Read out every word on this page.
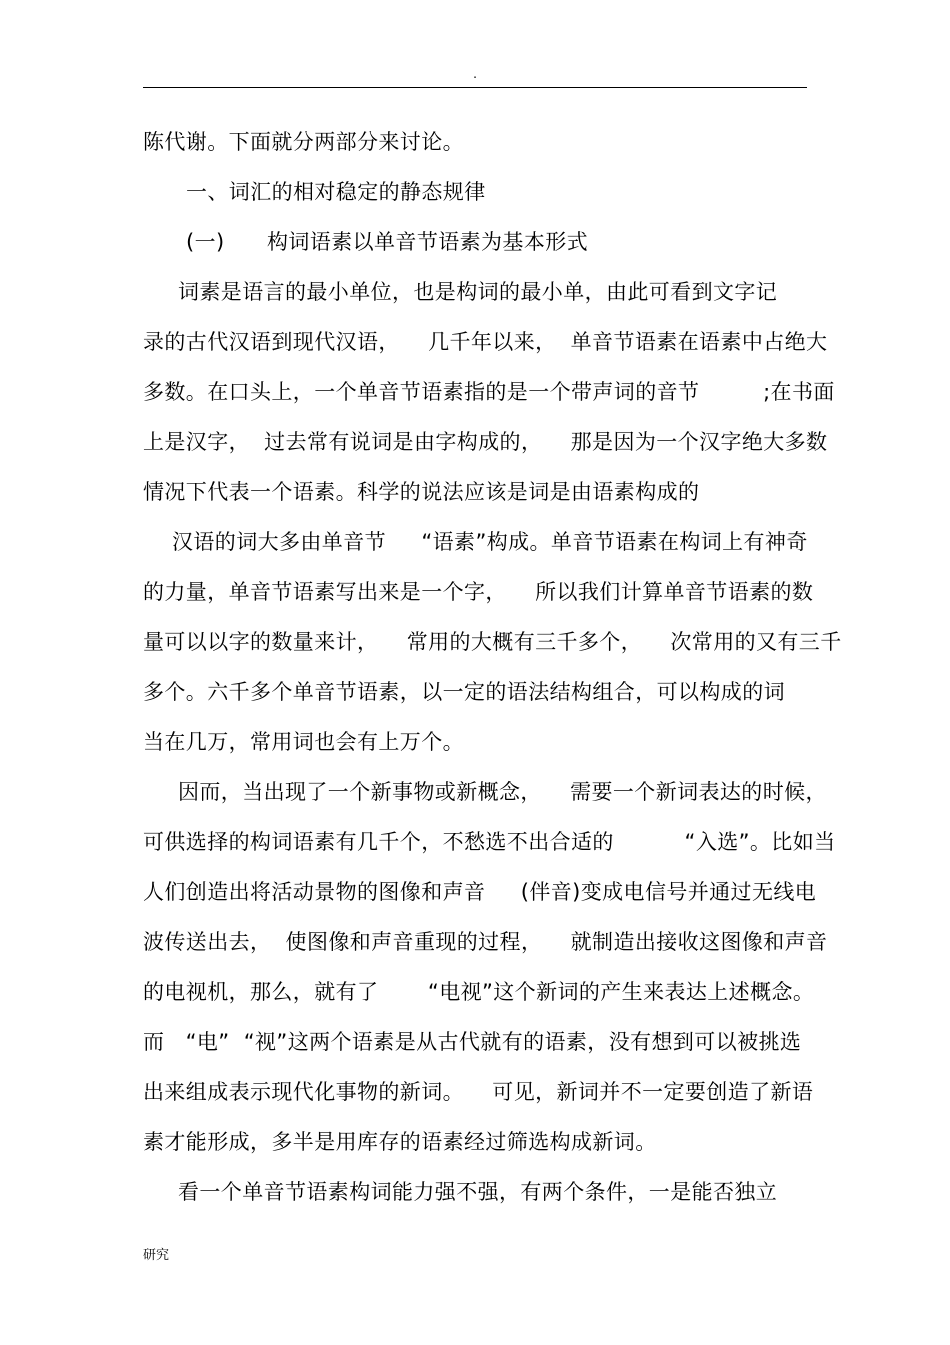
.
陈代谢。下面就分两部分来讨论。
一、词汇的相对稳定的静态规律
(一)      构词语素以单音节语素为基本形式
词素是语言的最小单位，也是构词的最小单，由此可看到文字记
录的古代汉语到现代汉语，    几千年以来，  单音节语素在语素中占绝大
多数。在口头上，一个单音节语素指的是一个带声词的音节         ;在书面
上是汉字，  过去常有说词是由字构成的，    那是因为一个汉字绝大多数
情况下代表一个语素。科学的说法应该是词是由语素构成的
汉语的词大多由单音节     “语素”构成。单音节语素在构词上有神奇
的力量，单音节语素写出来是一个字，    所以我们计算单音节语素的数
量可以以字的数量来计，    常用的大概有三千多个，    次常用的又有三千
多个。六千多个单音节语素，以一定的语法结构组合，可以构成的词
当在几万，常用词也会有上万个。
因而，当出现了一个新事物或新概念，    需要一个新词表达的时候，
可供选择的构词语素有几千个，不愁选不出合适的          “入选”。比如当
人们创造出将活动景物的图像和声音     (伴音)变成电信号并通过无线电
波传送出去，  使图像和声音重现的过程，    就制造出接收这图像和声音
的电视机，那么，就有了       “电视”这个新词的产生来表达上述概念。
而   “电”  “视”这两个语素是从古代就有的语素，没有想到可以被挑选
出来组成表示现代化事物的新词。    可见，新词并不一定要创造了新语
素才能形成，多半是用库存的语素经过筛选构成新词。
看一个单音节语素构词能力强不强，有两个条件，一是能否独立
研究
